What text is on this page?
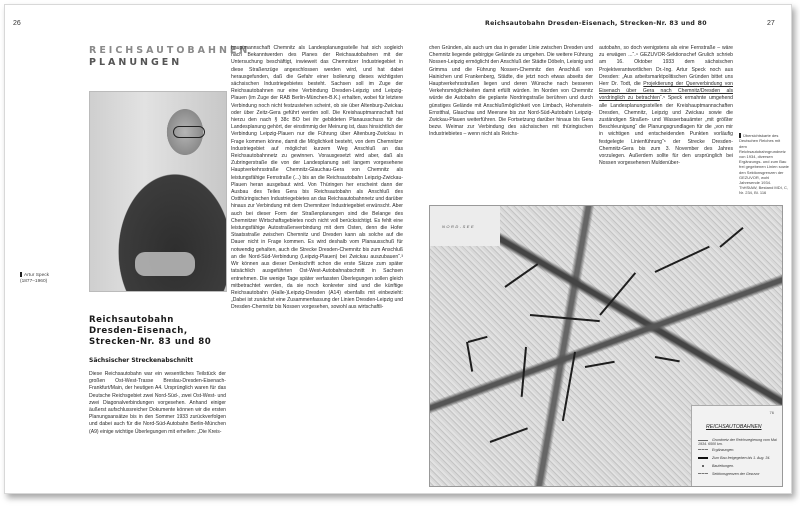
26
REICHSAUTOBAHNEN
PLANUNGEN
Artur Speck
(1877–1960)
Reichsautobahn
Dresden-Eisenach,
Strecken-Nr. 83 und 80
Sächsischer Streckenabschnitt

Diese Reichsautobahn war ein wesentliches Teilstück der großen Ost-West-Trasse Breslau-Dresden-Eisenach-Frankfurt/Main, der heutigen A4. Ursprünglich waren für das Deutsche Reichsgebiet zwei Nord-Süd-, zwei Ost-West- und zwei Diagonalverbindungen vorgesehen. Anhand einiger äußerst aufschlussreicher Dokumente können wir die ersten Planungsansätze bis in den Sommer 1933 zurückverfolgen und dabei auch für die Nord-Süd-Autobahn Berlin-München (A9) einige wichtige Überlegungen mit erhellen: „Die Kreis-

hauptmannschaft Chemnitz als Landesplanungsstelle hat sich sogleich nach Bekanntwerden des Planes der Reichsautobahnen mit der Untersuchung beschäftigt, inwieweit das Chemnitzer Industriegebiet in diese Straßenzüge angeschlossen werden wird, und hat dabei herausgefunden, daß die Gefahr einer Isolierung dieses wichtigsten sächsischen Industriegebietes besteht. Sachsen soll im Zuge der Reichsautobahnen nur eine Verbindung Dresden-Leipzig und Leipzig-Plauen (im Zuge der RAB Berlin-München-B.K.) erhalten, wobei für letztere Verbindung noch nicht festzustehen scheint, ob sie über Altenburg-Zwickau oder über Zeitz-Gera geführt werden soll. Die Kreishauptmannschaft hat hierzu den nach § 38c BO bei ihr gebildeten Planausschuss für die Landesplanung gehört, der einstimmig der Meinung ist, dass hinsichtlich der Verbindung Leipzig-Plauen nur die Führung über Altenburg-Zwickau in Frage kommen könne, damit die Möglichkeit besteht, von dem Chemnitzer Industriegebiet auf möglichst kurzem Weg Anschluß an das Reichsautobahnnetz zu gewinnen. Vorausgesetzt wird aber, daß als Zubringerstraße die von der Landesplanung seit langem vorgesehene Hauptverkehrsstraße Chemnitz-Glauchau-Gera von Chemnitz als leistungsfähige Fernstraße (...) bis an die Reichsautobahn Leipzig-Zwickau-Plauen heran ausgebaut wird. Von Thüringen her erscheint dann der Ausbau des Teiles Gera bis Reichsautobahn als Anschluß des Ostthüringischen Industriegebietes an das Reichsautobahnnetz und darüber hinaus zur Verbindung mit dem Chemnitzer Industriegebiet erwünscht. Aber auch bei dieser Form der Straßenplanungen sind die Belange des Chemnitzer Wirtschaftsgebietes noch nicht voll berücksichtigt. Es fehlt eine leistungsfähige Autostraßenverbindung mit dem Osten, denn die Hofer Staatsstraße zwischen Chemnitz und Dresden kann als solche auf die Dauer nicht in Frage kommen. Es wird deshalb vom Planausschuß für notwendig gehalten, auch die Strecke Dresden-Chemnitz bis zum Anschluß an die Nord-Süd-Verbindung (Leipzig-Plauen) bei Zwickau auszubauen“.³ Wir können aus dieser Denkschrift schon die erste Skizze zum später tatsächlich ausgeführten Ost-West-Autobahnabschnitt in Sachsen entnehmen. Die wenige Tage später verfassten Überlegungen sollen gleich mitbetrachtet werden, da sie noch konkreter sind und die künftige Reichsautobahn (Halle-)Leipzig-Dresden (A14) ebenfalls mit einbezieht: „Dabei ist zunächst eine Zusammenfassung der Linien Dresden-Leipzig und Dresden-Chemnitz bis Nossen vorgesehen, sowohl aus wirtschaftli-

Reichsautobahn Dresden-Eisenach, Strecken-Nr. 83 und 80	27

chen Gründen, als auch um das in gerader Linie zwischen Dresden und Chemnitz liegende gebirgige Gelände zu umgehen. Die weitere Führung Nossen-Leipzig ermöglicht den Anschluß der Städte Döbeln, Leisnig und Grimma und die Führung Nossen-Chemnitz den Anschluß von Hainichen und Frankenberg, Städte, die jetzt noch etwas abseits der Hauptverkehrsstraßen liegen und deren Wünsche nach besseren Verkehrsmöglichkeiten damit erfüllt würden. Im Norden von Chemnitz würde die Autobahn die geplante Nordringstraße berühren und durch günstiges Gelände mit Anschlußmöglichkeit von Limbach, Hohenstein-Ernstthal, Glauchau und Meerane bis zur Nord-Süd-Autobahn Leipzig-Zwickau-Plauen weiterführen. Die Fortsetzung darüber hinaus bis Gera bezw. Weimar zur Verbindung des sächsischen mit thüringischen Industriebietes – wenn nicht als Reichs-

autobahn, so doch wenigstens als eine Fernstraße – wäre zu erwägen ...“.⁴ GEZUVOR-Sektionschef Grulich schrieb am 16. Oktober 1933 dem sächsischen Projektverantwortlichen Dr.-Ing. Artur Speck noch aus Dresden: „Aus arbeitsmarktpolitischen Gründen bittet uns Herr Dr. Todt, die Projektierung der Querverbindung von Eisenach über Gera nach Chemnitz/Dresden als vordringlich zu betrachten“.⁵ Speck ermahnte umgehend alle Landesplanungsstellen der Kreishauptmannschaften Dresden, Chemnitz, Leipzig und Zwickau sowie die zuständigen Straßen- und Wasserbauämter „mit größter Beschleunigung“ die Planungsgrundlagen für die „von mir in wichtigen und entscheidenden Punkten vorläufig festgelegte Linienführung“⁶ der Strecke Dresden-Chemnitz-Gera bis zum 3. November des Jahres vorzulegen. Außerdem sollte für den ursprünglich bei Nossen vorgesehenen Muldenüber-

Übersichtskarte des Deutschen Reiches mit dem Reichsautobahngrundnetz von 1934, diversen Ergänzungs- und zum Bau frei gegebenen Linien sowie den Sektionsgrenzen der GEZUVOR, wohl Jahresende 1934. ThHStAW, Bestand MDI, C, Nr. 234, Bl. 116
NORD-SEE
76
REICHSAUTOBAHNEN
Grundnetz der Reichsregierung vom Mai 1934. 6500 km.
Ergänzungen.
Zum Bau freigegeben bis 1. Aug. 34.
Bauleitungen.
Sektionsgrenzen der Gezuvor
